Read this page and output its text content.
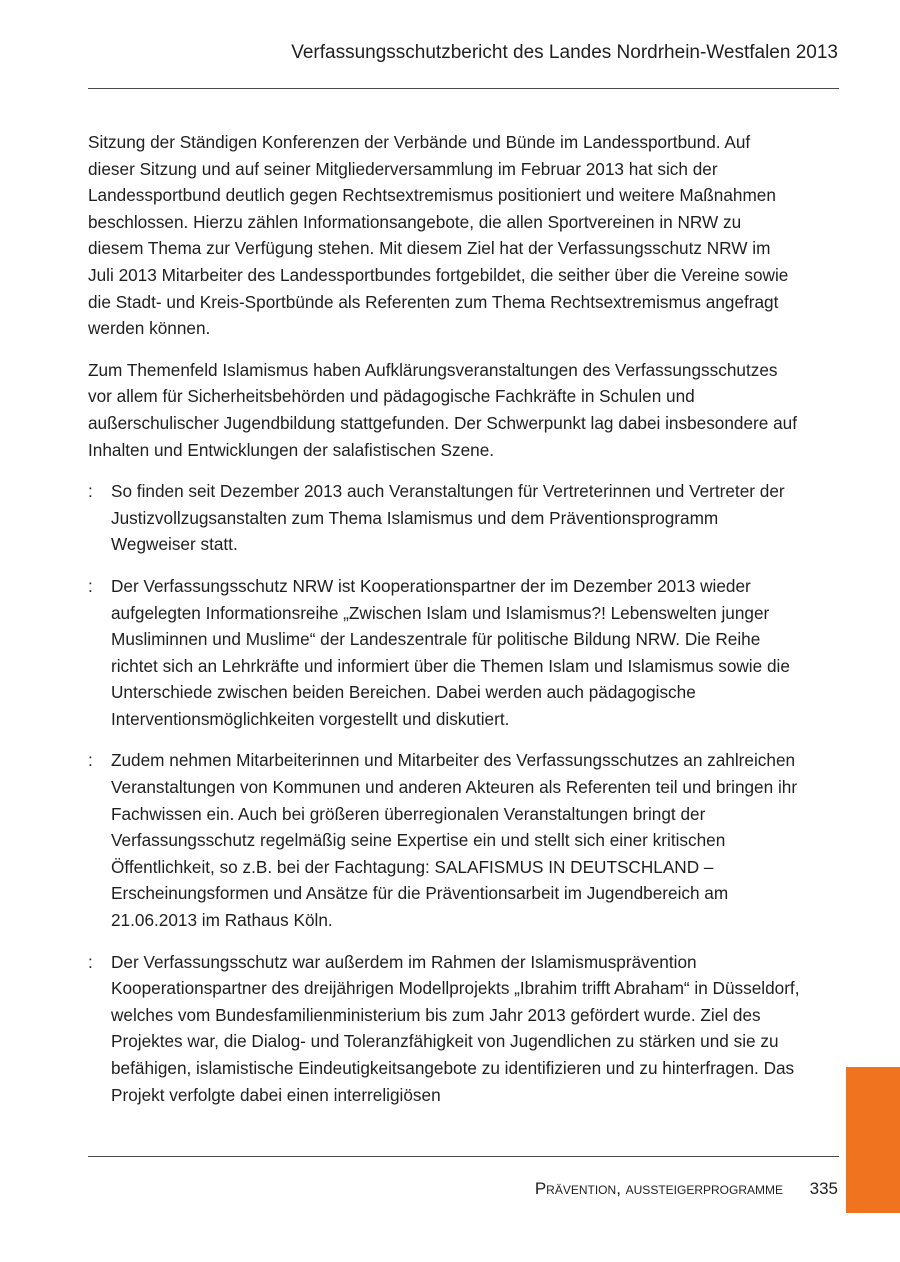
Verfassungsschutzbericht des Landes Nordrhein-Westfalen 2013

Sitzung der Ständigen Konferenzen der Verbände und Bünde im Landessportbund. Auf dieser Sitzung und auf seiner Mitgliederversammlung im Februar 2013 hat sich der Landessportbund deutlich gegen Rechtsextremismus positioniert und weitere Maßnahmen beschlossen. Hierzu zählen Informationsangebote, die allen Sportvereinen in NRW zu diesem Thema zur Verfügung stehen. Mit diesem Ziel hat der Verfassungsschutz NRW im Juli 2013 Mitarbeiter des Landessportbundes fortgebildet, die seither über die Vereine sowie die Stadt- und Kreis-Sportbünde als Referenten zum Thema Rechtsextremismus angefragt werden können.

Zum Themenfeld Islamismus haben Aufklärungsveranstaltungen des Verfassungsschutzes vor allem für Sicherheitsbehörden und pädagogische Fachkräfte in Schulen und außerschulischer Jugendbildung stattgefunden. Der Schwerpunkt lag dabei insbesondere auf Inhalten und Entwicklungen der salafistischen Szene.

: So finden seit Dezember 2013 auch Veranstaltungen für Vertreterinnen und Vertreter der Justizvollzugsanstalten zum Thema Islamismus und dem Präventionsprogramm Wegweiser statt.
: Der Verfassungsschutz NRW ist Kooperationspartner der im Dezember 2013 wieder aufgelegten Informationsreihe „Zwischen Islam und Islamismus?! Lebenswelten junger Musliminnen und Muslime“ der Landeszentrale für politische Bildung NRW. Die Reihe richtet sich an Lehrkräfte und informiert über die Themen Islam und Islamismus sowie die Unterschiede zwischen beiden Bereichen. Dabei werden auch pädagogische Interventionsmöglichkeiten vorgestellt und diskutiert.
: Zudem nehmen Mitarbeiterinnen und Mitarbeiter des Verfassungsschutzes an zahlreichen Veranstaltungen von Kommunen und anderen Akteuren als Referenten teil und bringen ihr Fachwissen ein. Auch bei größeren überregionalen Veranstaltungen bringt der Verfassungsschutz regelmäßig seine Expertise ein und stellt sich einer kritischen Öffentlichkeit, so z.B. bei der Fachtagung: SALAFISMUS IN DEUTSCHLAND – Erscheinungsformen und Ansätze für die Präventionsarbeit im Jugendbereich am 21.06.2013 im Rathaus Köln.
: Der Verfassungsschutz war außerdem im Rahmen der Islamismusprävention Kooperationspartner des dreijährigen Modellprojekts „Ibrahim trifft Abraham“ in Düsseldorf, welches vom Bundesfamilienministerium bis zum Jahr 2013 gefördert wurde. Ziel des Projektes war, die Dialog- und Toleranzfähigkeit von Jugendlichen zu stärken und sie zu befähigen, islamistische Eindeutigkeitsangebote zu identifizieren und zu hinterfragen. Das Projekt verfolgte dabei einen interreligiösen
Prävention, aussteigerprogramme 335
